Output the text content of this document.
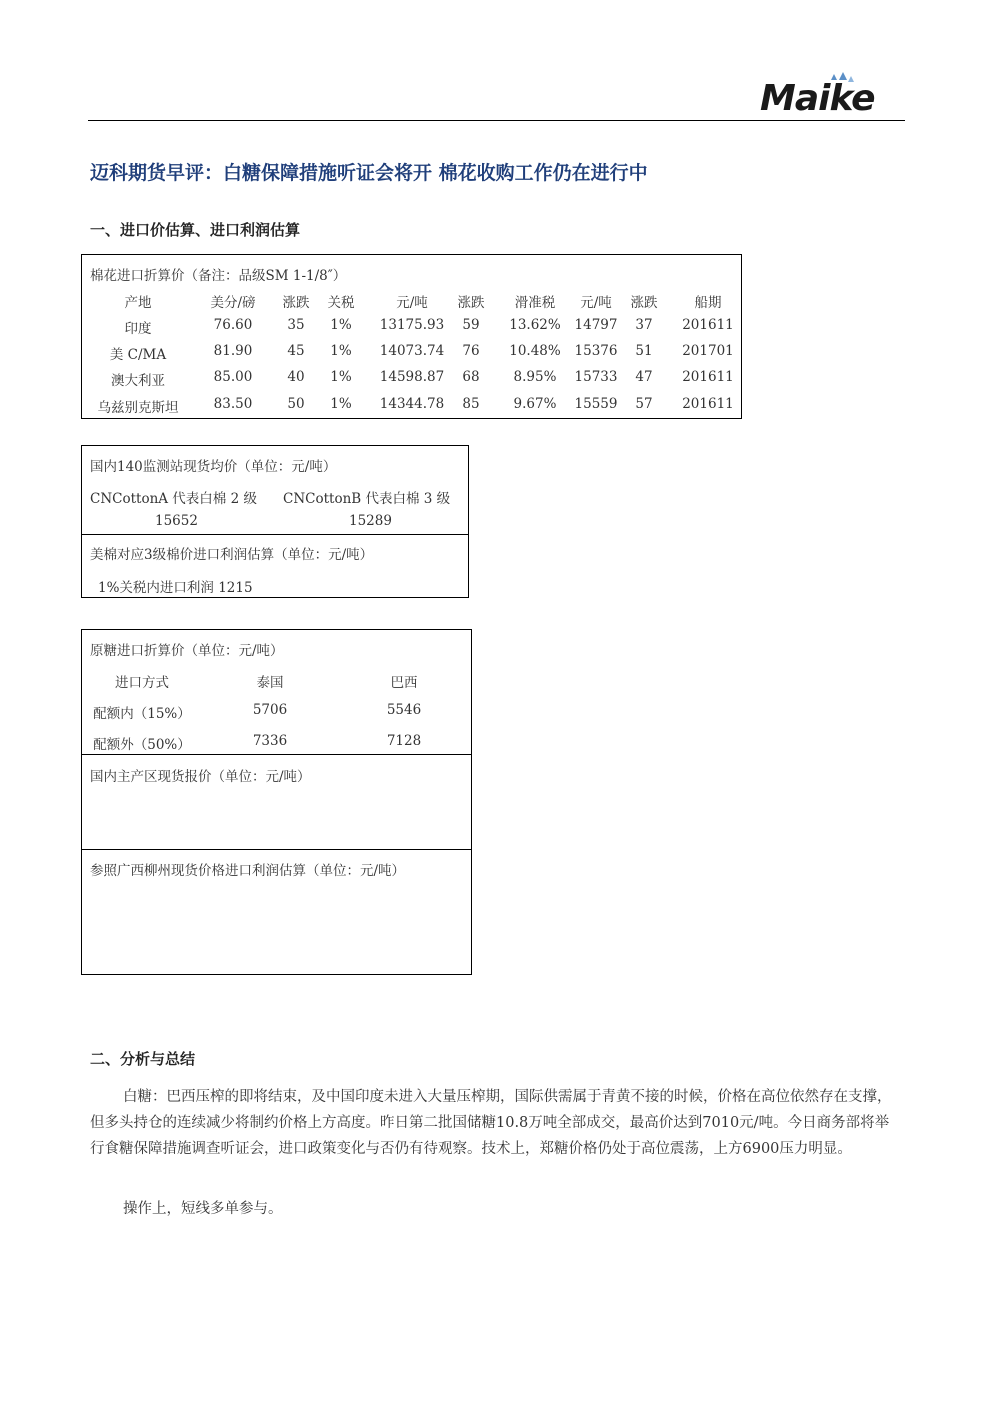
Maike
迈科期货早评：白糖保障措施听证会将开 棉花收购工作仍在进行中
一、进口价估算、进口利润估算
棉花进口折算价（备注：品级SM 1-1/8″）
产地	美分/磅	涨跌	关税	元/吨	涨跌	滑准税	元/吨	涨跌	船期
印度	76.60	35	1%	13175.93	59	13.62%	14797	37	201611
美 C/MA	81.90	45	1%	14073.74	76	10.48%	15376	51	201701
澳大利亚	85.00	40	1%	14598.87	68	8.95%	15733	47	201611
乌兹别克斯坦	83.50	50	1%	14344.78	85	9.67%	15559	57	201611
国内140监测站现货均价（单位：元/吨）
CNCottonA 代表白棉 2 级 CNCottonB 代表白棉 3 级
15652	15289
美棉对应3级棉价进口利润估算（单位：元/吨）
1%关税内进口利润 1215
原糖进口折算价（单位：元/吨）
进口方式	泰国	巴西
配额内（15%）	5706	5546
配额外（50%）	7336	7128
国内主产区现货报价（单位：元/吨）
参照广西柳州现货价格进口利润估算（单位：元/吨）
二、分析与总结
白糖：巴西压榨的即将结束，及中国印度未进入大量压榨期，国际供需属于青黄不接的时候，价格在高位依然存在支撑，但多头持仓的连续减少将制约价格上方高度。昨日第二批国储糖10.8万吨全部成交，最高价达到7010元/吨。今日商务部将举行食糖保障措施调查听证会，进口政策变化与否仍有待观察。技术上，郑糖价格仍处于高位震荡，上方6900压力明显。
操作上，短线多单参与。
